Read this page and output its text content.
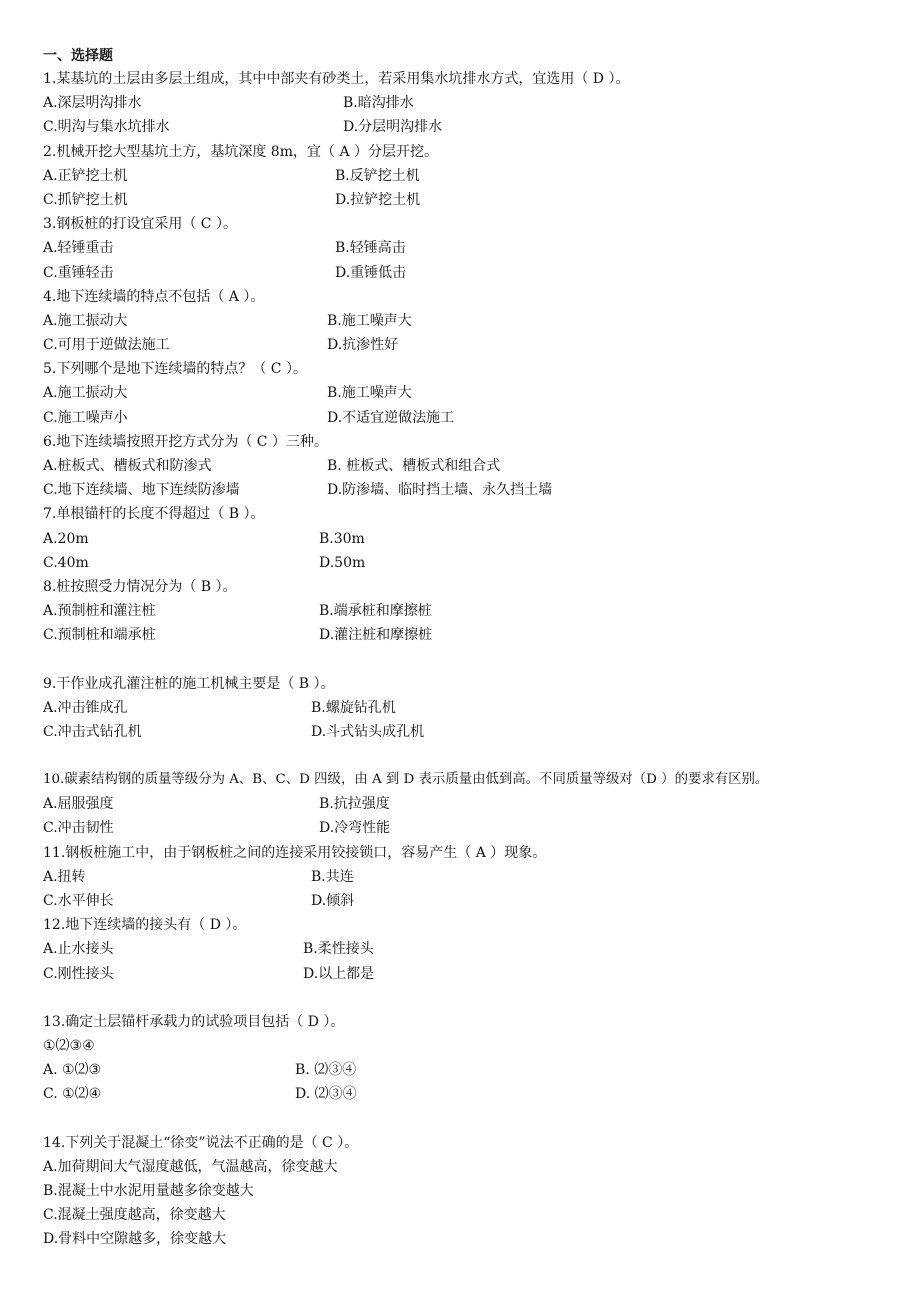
一、选择题
1.某基坑的土层由多层土组成，其中中部夹有砂类土，若采用集水坑排水方式，宜选用（ D ）。
A.深层明沟排水	B.暗沟排水
C.明沟与集水坑排水	D.分层明沟排水
2.机械开挖大型基坑土方，基坑深度 8m，宜（ A ）分层开挖。
A.正铲挖土机	B.反铲挖土机
C.抓铲挖土机	D.拉铲挖土机
3.钢板桩的打设宜采用（ C ）。
A.轻锤重击	B.轻锤高击
C.重锤轻击	D.重锤低击
4.地下连续墙的特点不包括（ A ）。
A.施工振动大	B.施工噪声大
C.可用于逆做法施工	D.抗渗性好
5.下列哪个是地下连续墙的特点？（ C ）。
A.施工振动大	B.施工噪声大
C.施工噪声小	D.不适宜逆做法施工
6.地下连续墙按照开挖方式分为（ C ）三种。
A.桩板式、槽板式和防渗式	B. 桩板式、槽板式和组合式
C.地下连续墙、地下连续防渗墙	D.防渗墙、临时挡土墙、永久挡土墙
7.单根锚杆的长度不得超过（ B ）。
A.20m	B.30m
C.40m	D.50m
8.桩按照受力情况分为（ B ）。
A.预制桩和灌注桩	B.端承桩和摩擦桩
C.预制桩和端承桩	D.灌注桩和摩擦桩
9.干作业成孔灌注桩的施工机械主要是（ B ）。
A.冲击锥成孔	B.螺旋钻孔机
C.冲击式钻孔机	D.斗式钻头成孔机
10.碳素结构钢的质量等级分为 A、B、C、D 四级，由 A 到 D 表示质量由低到高。不同质量等级对（D ）的要求有区别。
A.屈服强度	B.抗拉强度
C.冲击韧性	D.冷弯性能
11.钢板桩施工中，由于钢板桩之间的连接采用铰接锁口，容易产生（ A ）现象。
A.扭转	B.共连
C.水平伸长	D.倾斜
12.地下连续墙的接头有（ D ）。
A.止水接头	B.柔性接头
C.刚性接头	D.以上都是
13.确定土层锚杆承载力的试验项目包括（ D ）。
①⑵③④
A. ①⑵③	B. ⑵③④
C. ①⑵④	D. ⑵③④
14.下列关于混凝土“徐变”说法不正确的是（ C ）。
A.加荷期间大气湿度越低，气温越高，徐变越大
B.混凝土中水泥用量越多徐变越大
C.混凝土强度越高，徐变越大
D.骨料中空隙越多，徐变越大
